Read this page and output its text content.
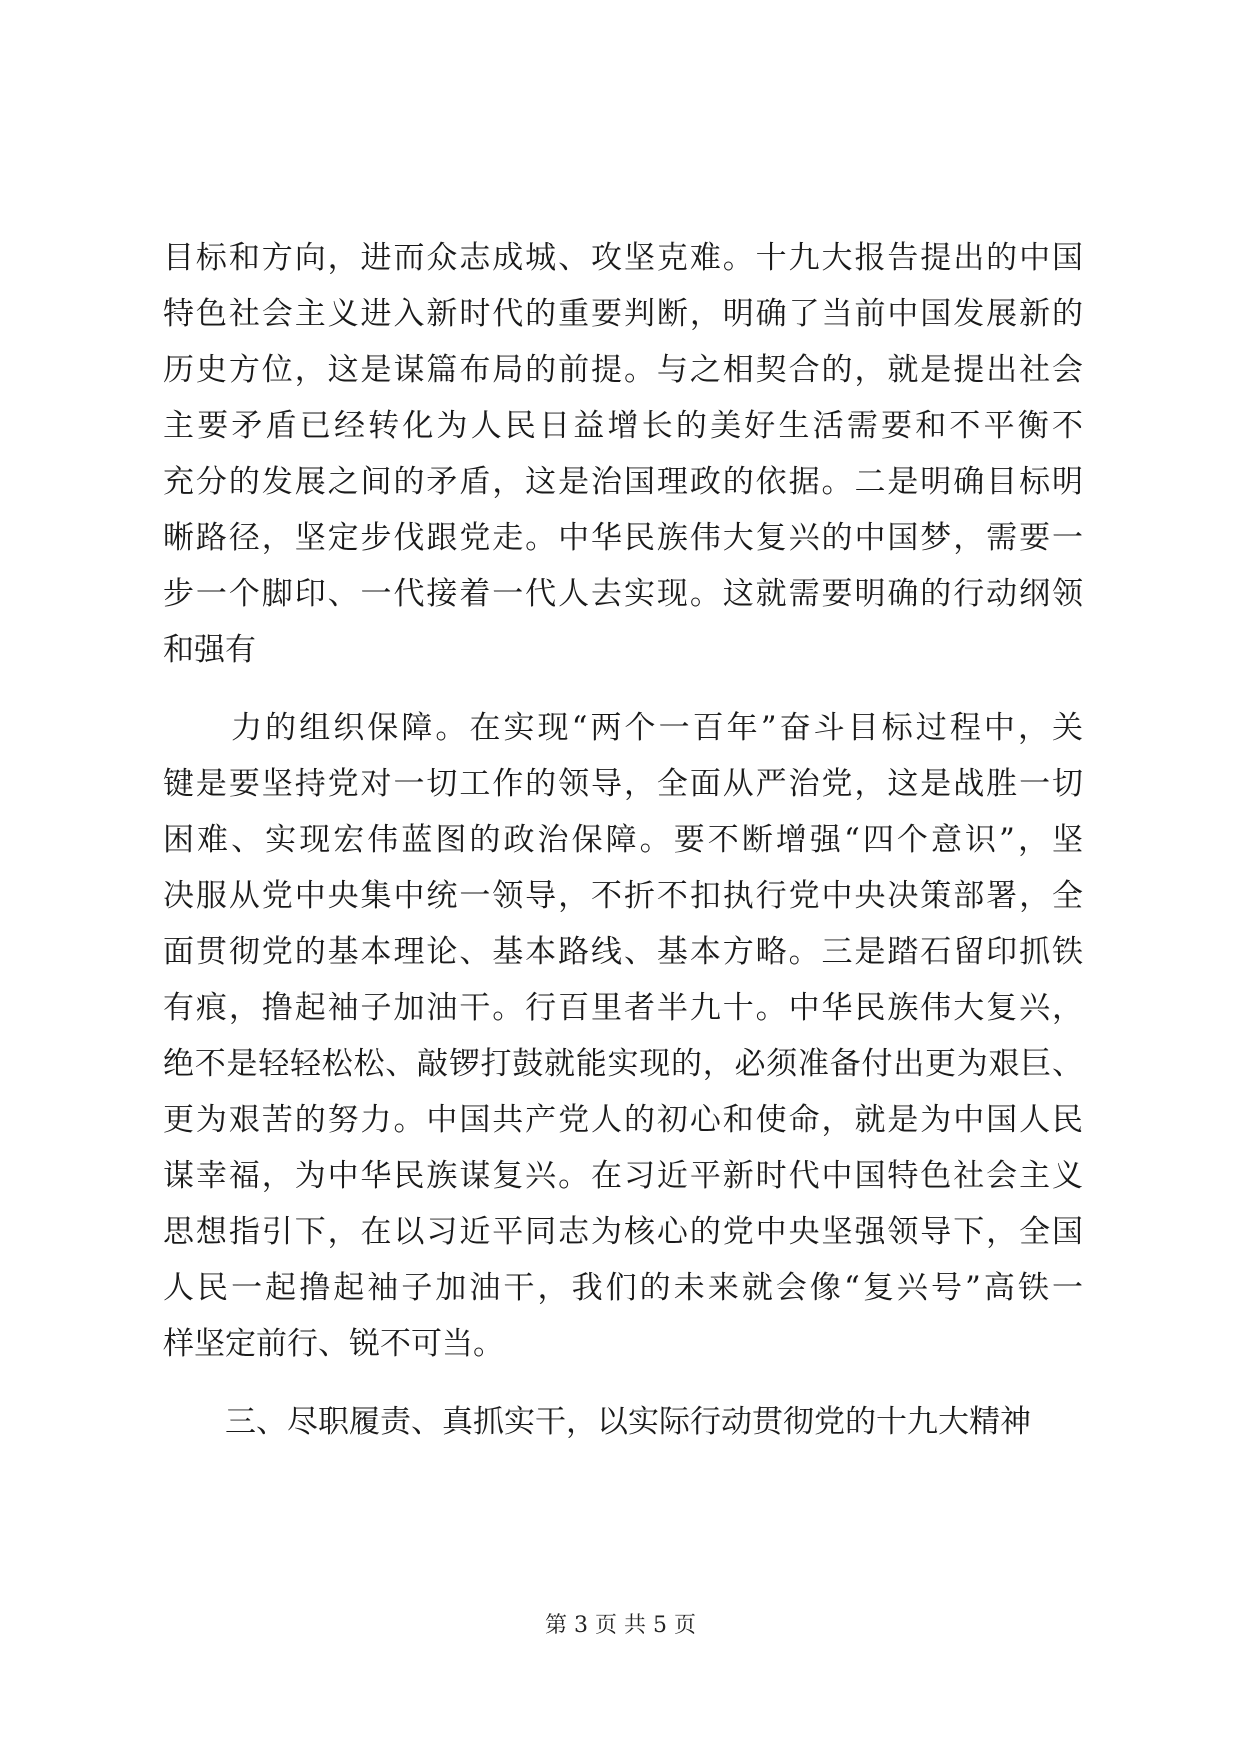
目标和方向，进而众志成城、攻坚克难。十九大报告提出的中国
特色社会主义进入新时代的重要判断，明确了当前中国发展新的
历史方位，这是谋篇布局的前提。与之相契合的，就是提出社会
主要矛盾已经转化为人民日益增长的美好生活需要和不平衡不
充分的发展之间的矛盾，这是治国理政的依据。二是明确目标明
晰路径，坚定步伐跟党走。中华民族伟大复兴的中国梦，需要一
步一个脚印、一代接着一代人去实现。这就需要明确的行动纲领
和强有
　　力的组织保障。在实现“两个一百年”奋斗目标过程中，关
键是要坚持党对一切工作的领导，全面从严治党，这是战胜一切
困难、实现宏伟蓝图的政治保障。要不断增强“四个意识”，坚
决服从党中央集中统一领导，不折不扣执行党中央决策部署，全
面贯彻党的基本理论、基本路线、基本方略。三是踏石留印抓铁
有痕，撸起袖子加油干。行百里者半九十。中华民族伟大复兴，
绝不是轻轻松松、敲锣打鼓就能实现的，必须准备付出更为艰巨、
更为艰苦的努力。中国共产党人的初心和使命，就是为中国人民
谋幸福，为中华民族谋复兴。在习近平新时代中国特色社会主义
思想指引下，在以习近平同志为核心的党中央坚强领导下，全国
人民一起撸起袖子加油干，我们的未来就会像“复兴号”高铁一
样坚定前行、锐不可当。
　　三、尽职履责、真抓实干，以实际行动贯彻党的十九大精神
第 3 页 共 5 页
